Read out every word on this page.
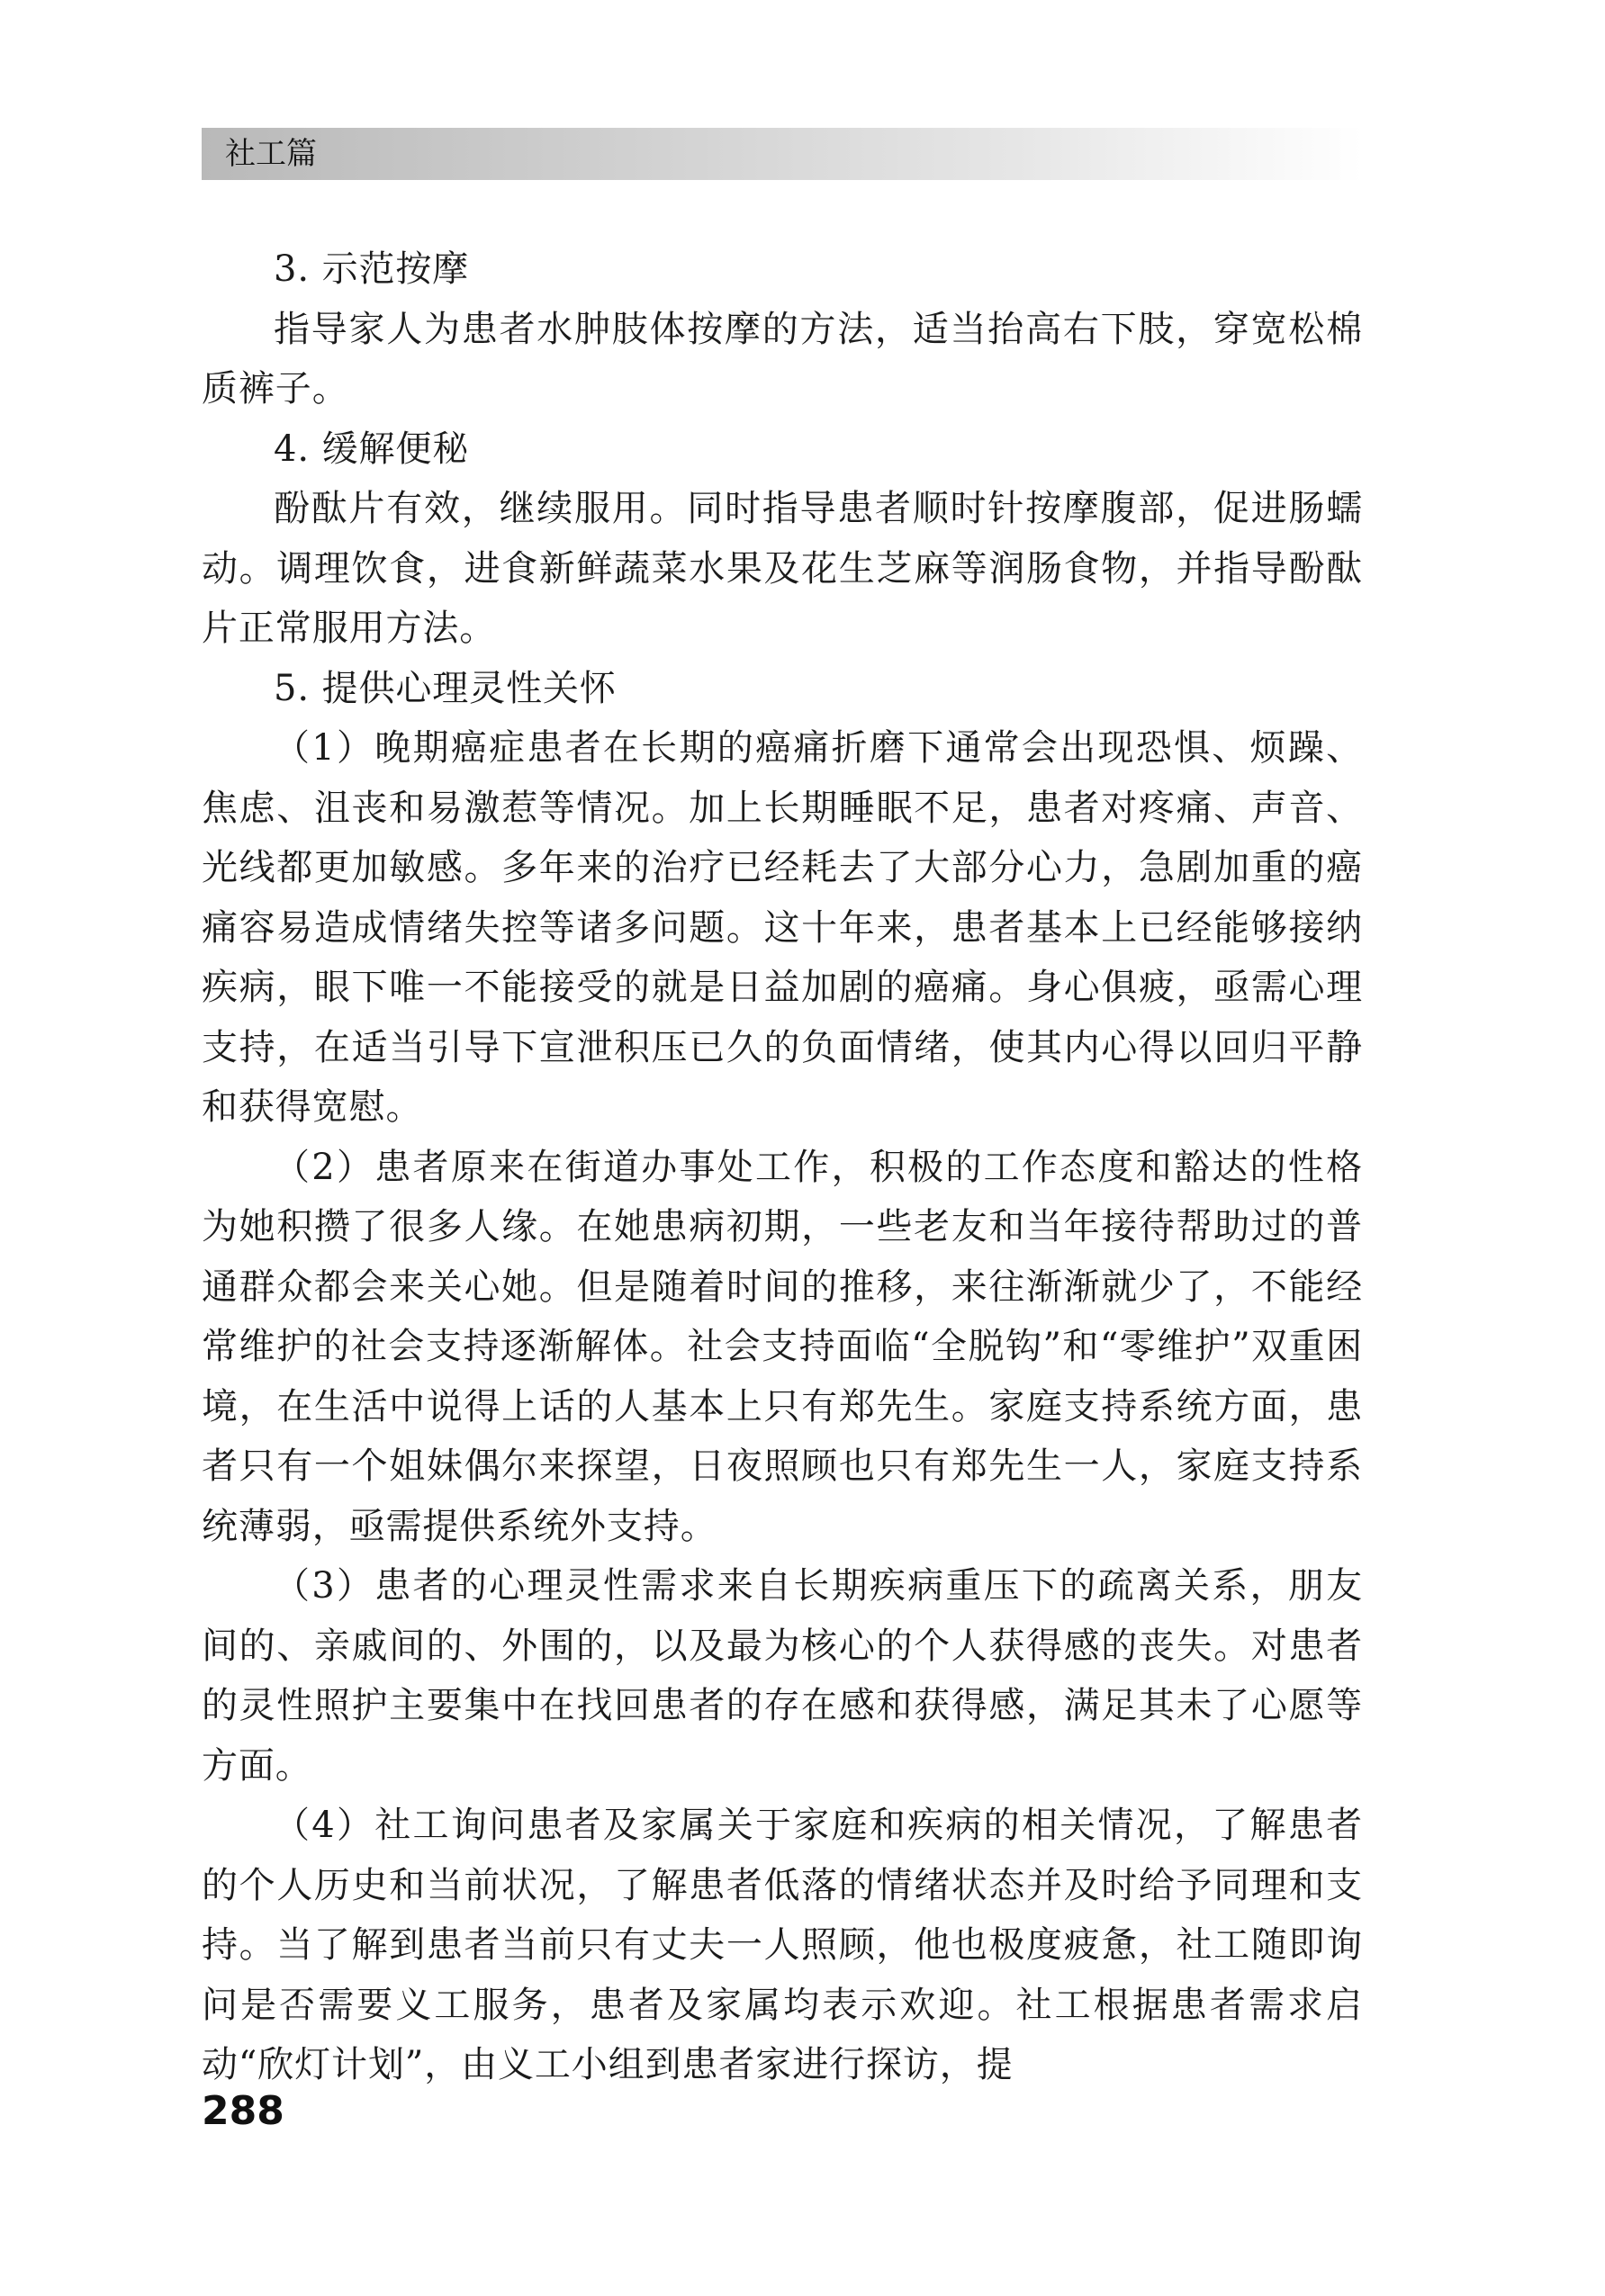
社工篇

3. 示范按摩

指导家人为患者水肿肢体按摩的方法，适当抬高右下肢，穿宽松棉质裤子。

4. 缓解便秘

酚酞片有效，继续服用。同时指导患者顺时针按摩腹部，促进肠蠕动。调理饮食，进食新鲜蔬菜水果及花生芝麻等润肠食物，并指导酚酞片正常服用方法。

5. 提供心理灵性关怀

（1）晚期癌症患者在长期的癌痛折磨下通常会出现恐惧、烦躁、焦虑、沮丧和易激惹等情况。加上长期睡眠不足，患者对疼痛、声音、光线都更加敏感。多年来的治疗已经耗去了大部分心力，急剧加重的癌痛容易造成情绪失控等诸多问题。这十年来，患者基本上已经能够接纳疾病，眼下唯一不能接受的就是日益加剧的癌痛。身心俱疲，亟需心理支持，在适当引导下宣泄积压已久的负面情绪，使其内心得以回归平静和获得宽慰。

（2）患者原来在街道办事处工作，积极的工作态度和豁达的性格为她积攒了很多人缘。在她患病初期，一些老友和当年接待帮助过的普通群众都会来关心她。但是随着时间的推移，来往渐渐就少了，不能经常维护的社会支持逐渐解体。社会支持面临“全脱钩”和“零维护”双重困境，在生活中说得上话的人基本上只有郑先生。家庭支持系统方面，患者只有一个姐妹偶尔来探望，日夜照顾也只有郑先生一人，家庭支持系统薄弱，亟需提供系统外支持。

（3）患者的心理灵性需求来自长期疾病重压下的疏离关系，朋友间的、亲戚间的、外围的，以及最为核心的个人获得感的丧失。对患者的灵性照护主要集中在找回患者的存在感和获得感，满足其未了心愿等方面。

（4）社工询问患者及家属关于家庭和疾病的相关情况，了解患者的个人历史和当前状况，了解患者低落的情绪状态并及时给予同理和支持。当了解到患者当前只有丈夫一人照顾，他也极度疲惫，社工随即询问是否需要义工服务，患者及家属均表示欢迎。社工根据患者需求启动“欣灯计划”，由义工小组到患者家进行探访，提

288
